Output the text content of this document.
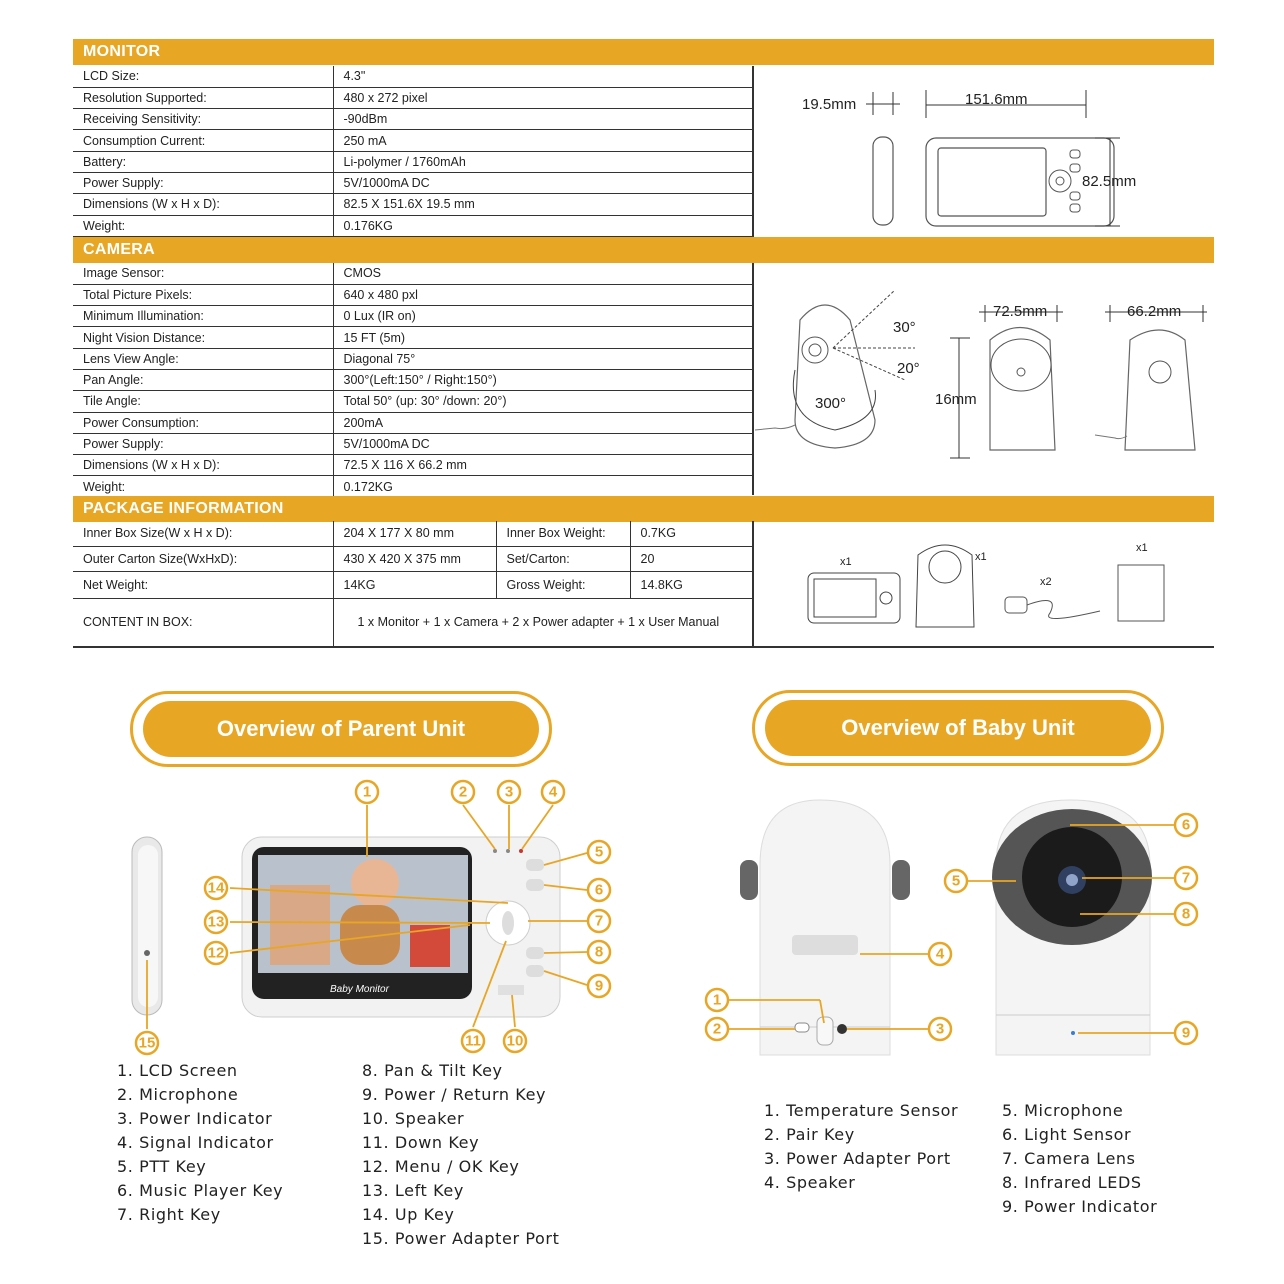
MONITOR
LCD Size:	4.3"
Resolution Supported:	480 x 272 pixel
Receiving Sensitivity:	-90dBm
Consumption Current:	250 mA
Battery:	Li-polymer / 1760mAh
Power Supply:	5V/1000mA DC
Dimensions (W x H x D):	82.5 X 151.6X 19.5 mm
Weight:	0.176KG
19.5mm	151.6mm
82.5mm
CAMERA
Image Sensor:	CMOS
Total Picture Pixels:	640 x 480 pxl
Minimum Illumination:	0 Lux (IR on)
Night Vision Distance:	15 FT (5m)
Lens View Angle:	Diagonal 75°
Pan Angle:	300°(Left:150° / Right:150°)
Tile Angle:	Total 50° (up: 30° /down: 20°)
Power Consumption:	200mA
Power Supply:	5V/1000mA DC
Dimensions (W x H x D):	72.5 X 116 X 66.2 mm
Weight:	0.172KG
30°
20°
300°
72.5mm
16mm
66.2mm
PACKAGE INFORMATION
Inner Box Size(W x H x D):	204 X 177 X 80 mm	Inner Box Weight:	0.7KG
Outer Carton Size(WxHxD):	430 X 420 X 375 mm	Set/Carton:	20
Net Weight:	14KG	Gross Weight:	14.8KG
CONTENT IN BOX:	1 x Monitor + 1 x Camera + 2 x Power adapter + 1 x User Manual		
x1	x1
x2
x1
Overview of Parent Unit	Overview of Baby Unit
Baby Monitor
1	2	3 4
5
6
7
8
9
10
11
12
13
14
15
1
2	3
4
5
6
7
8
9
1. LCD Screen
2. Microphone
3. Power Indicator
4. Signal Indicator
5. PTT Key
6. Music Player Key
7. Right Key
8. Pan & Tilt Key
9. Power / Return Key
10. Speaker
11. Down Key
12. Menu / OK Key
13. Left Key
14. Up Key
15. Power Adapter Port
1. Temperature Sensor
2. Pair Key
3. Power Adapter Port
4. Speaker
5. Microphone
6. Light Sensor
7. Camera Lens
8. Infrared LEDS
9. Power Indicator
